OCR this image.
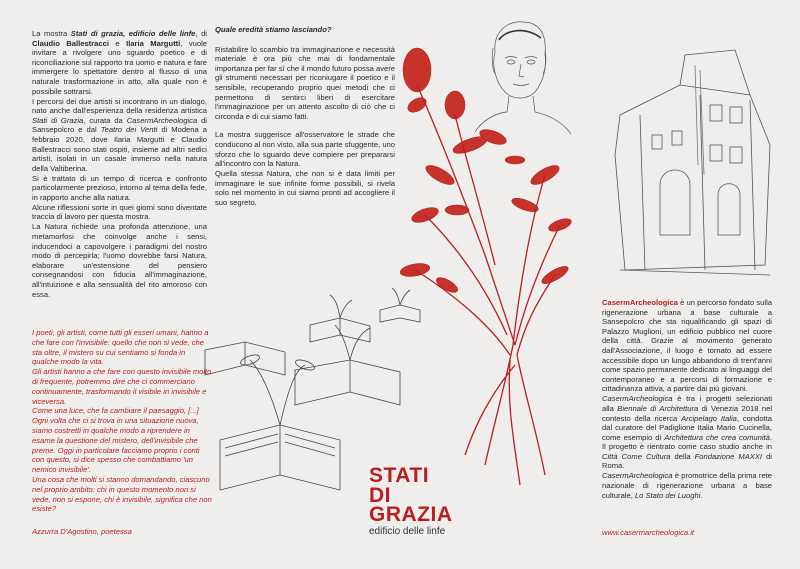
La mostra Stati di grazia, edificio delle linfe, di Claudio Ballestracci e Ilaria Margutti, vuole invitare a rivolgere uno sguardo poetico e di riconciliazione sul rapporto tra uomo e natura e fare immergere lo spettatore dentro al flusso di una naturale trasformazione in atto, alla quale non è possibile sottrarsi.

I percorsi dei due artisti si incontrano in un dialogo, nato anche dall'esperienza della residenza artistica Stati di Grazia, curata da CasermArcheologica di Sansepolcro e dal Teatro dei Venti di Modena a febbraio 2020, dove Ilaria Margutti e Claudio Ballestracci sono stati ospiti, insieme ad altri sedici artisti, isolati in un casale immerso nella natura della Valtiberina.

Si è trattato di un tempo di ricerca e confronto particolarmente prezioso, intorno al tema della fede, in rapporto anche alla natura.

Alcune riflessioni sorte in quei giorni sono diventate traccia di lavoro per questa mostra.

La Natura richiede una profonda attenzione, una metamorfosi che coinvolge anche i sensi, inducendoci a capovolgere i paradigmi del nostro modo di percepirla; l'uomo dovrebbe farsi Natura, elaborare un'estensione del pensiero consegnandosi con fiducia all'immaginazione, all'intuizione e alla sensualità del rito amoroso con essa.

Quale eredità stiamo lasciando?

Ristabilire lo scambio tra immaginazione e necessità materiale è ora più che mai di fondamentale importanza per far sì che il mondo futuro possa avere gli strumenti necessari per riconiugare il poetico e il sensibile, recuperando proprio quei metodi che ci permettono di sentirci liberi di esercitare l'immaginazione per un attento ascolto di ciò che ci circonda e di cui siamo fatti.

La mostra suggerisce all'osservatore le strade che conducono al non visto, alla sua parte sfuggente, uno sforzo che lo sguardo deve compiere per prepararsi all'incontro con la Natura.

Quella stessa Natura, che non si è data limiti per immaginare le sue infinite forme possibili, si rivela solo nel momento in cui siamo pronti ad accogliere il suo segreto.

I poeti, gli artisti, come tutti gli esseri umani, hanno a che fare con l'invisibile: quello che non si vede, che sta oltre, il mistero su cui sentiamo si fonda in qualche modo la vita.
Gli artisti hanno a che fare con questo invisibile molto di frequente, potremmo dire che ci commerciano continuamente, trasformando il visibile in invisibile e viceversa.
Come una luce, che fa cambiare il paesaggio, [...] Ogni volta che ci si trova in una situazione nuova, siamo costretti in qualche modo a riprendere in esame la questione del mistero, dell'invisibile che preme. Oggi in particolare facciamo proprio i conti con questo, si dice spesso che combattiamo 'un nemico invisibile'.
Una cosa che molti si stanno domandando, ciascuno nel proprio ambito: chi in questo momento non si vede, non si espone, chi è invisibile, significa che non esiste?
Azzurra D'Agostino, poetessa

CasermArcheologica è un percorso fondato sulla rigenerazione urbana a base culturale a Sansepolcro che sta riqualificando gli spazi di Palazzo Muglioni, un edificio pubblico nel cuore della città. Grazie al movimento generato dall'Associazione, il luogo è tornato ad essere accessibile dopo un lungo abbandono di trent'anni come spazio permanente dedicato ai linguaggi del contemporaneo e a percorsi di formazione e cittadinanza attiva, a partire dai più giovani.

CasermArcheologica è tra i progetti selezionati alla Biennale di Architettura di Venezia 2018 nel contesto della ricerca Arcipelago Italia, condotta dal curatore del Padiglione Italia Mario Cucinella, come esempio di Architettura che crea comunità. Il progetto è rientrato come caso studio anche in Città Come Cultura della Fondazione MAXXI di Roma.

CasermArcheologica è promotrice della prima rete nazionale di rigenerazione urbana a base culturale, Lo Stato dei Luoghi.

www.casermarcheologica.it
STATI
DI
GRAZIA
edificio delle linfe
